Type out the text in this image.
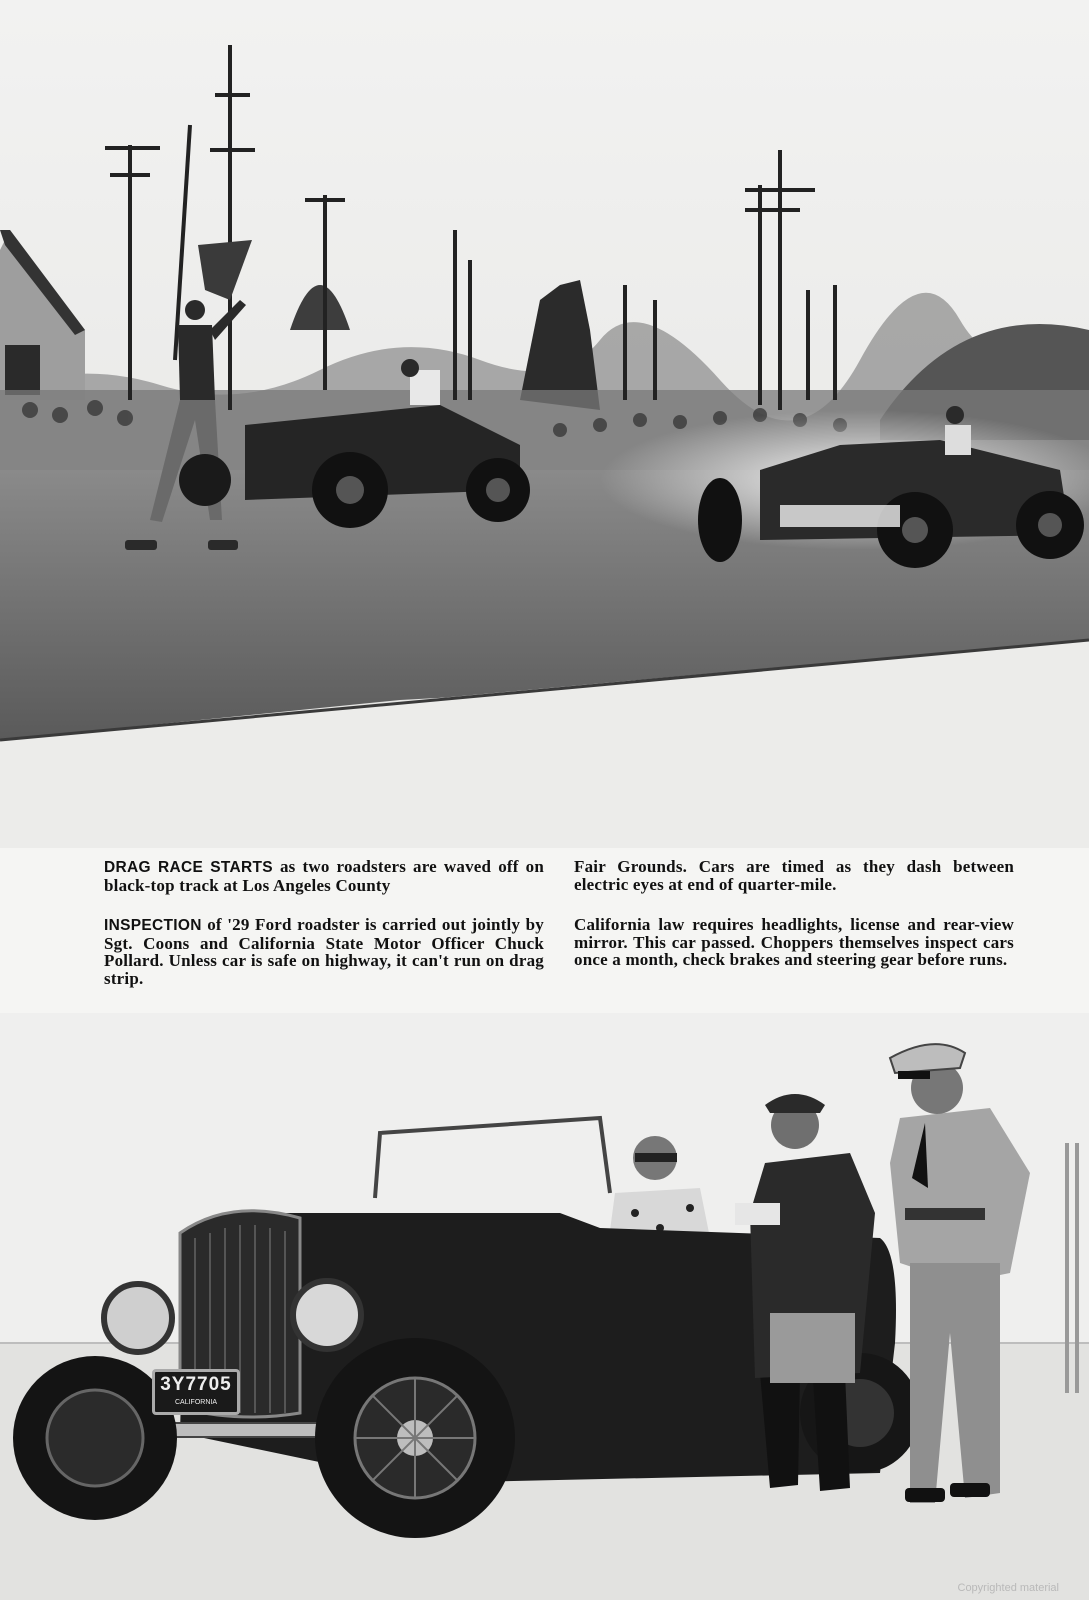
DRAG RACE STARTS as two roadsters are waved off on black-top track at Los Angeles County

Fair Grounds. Cars are timed as they dash between electric eyes at end of quarter-mile.

INSPECTION of '29 Ford roadster is carried out jointly by Sgt. Coons and California State Motor Officer Chuck Pollard. Unless car is safe on highway, it can't run on drag strip.

California law requires headlights, license and rear-view mirror. This car passed. Choppers themselves inspect cars once a month, check brakes and steering gear before runs.

3Y7705
CALIFORNIA
Copyrighted material
